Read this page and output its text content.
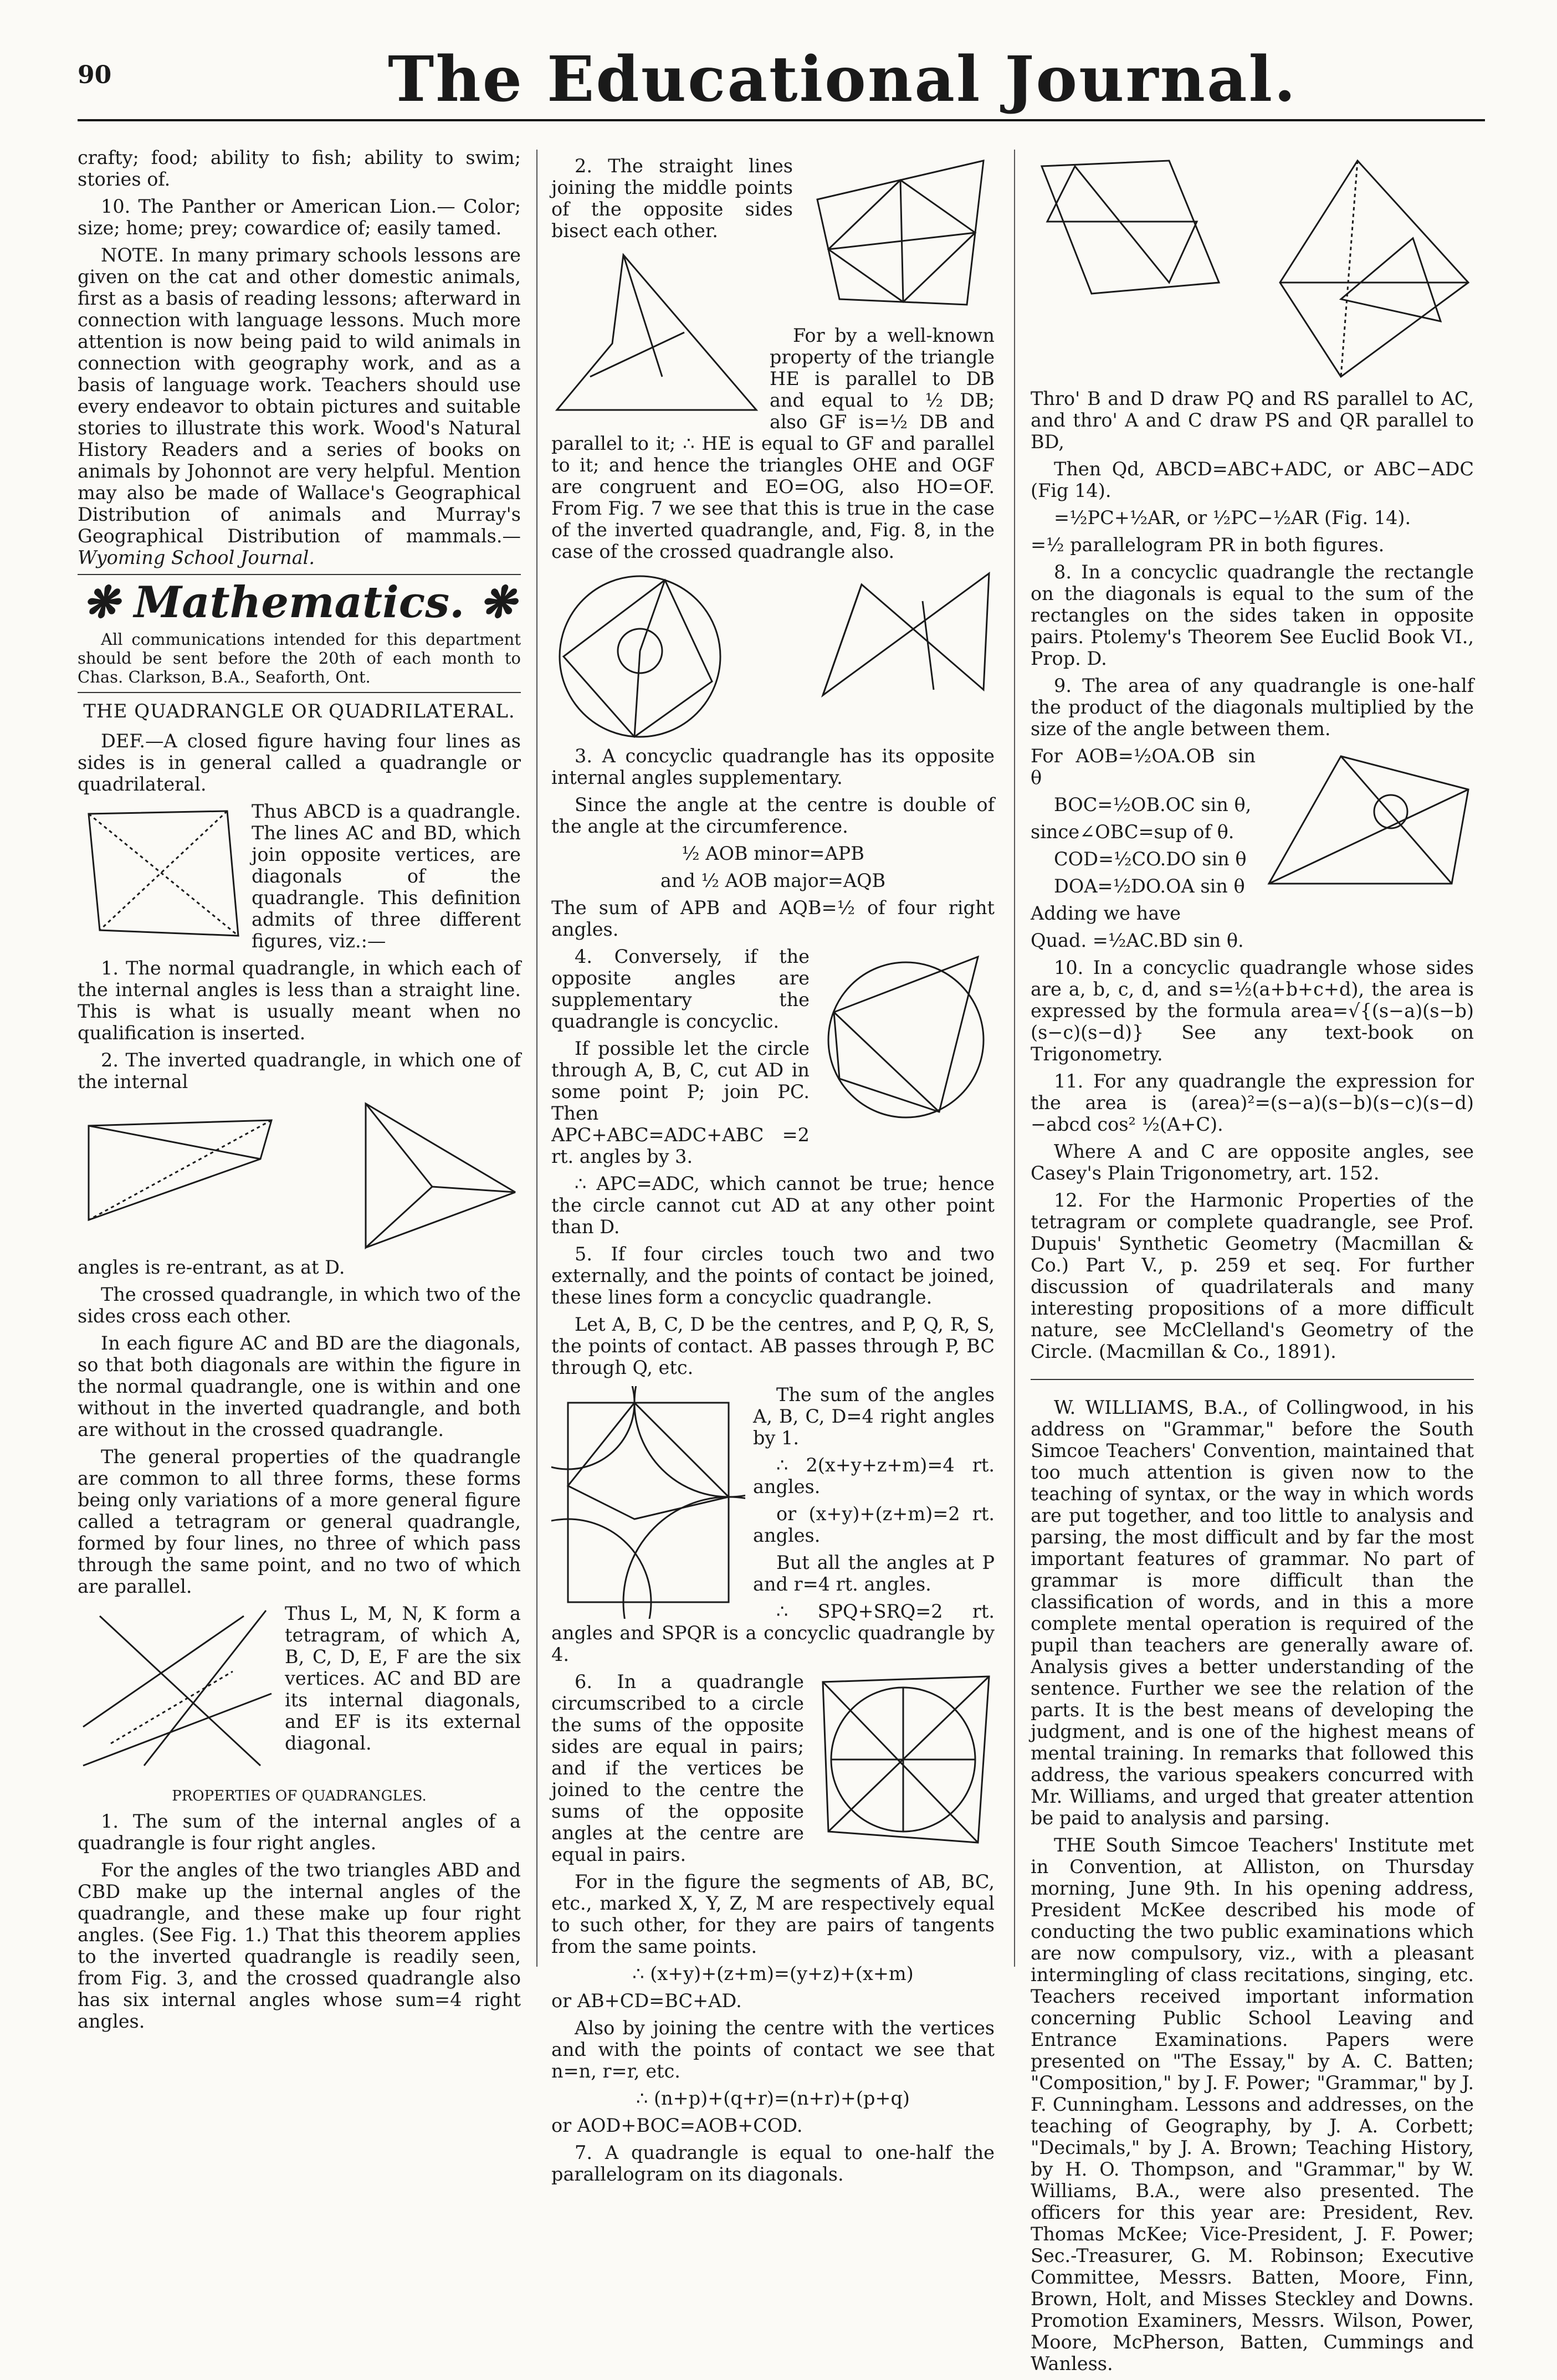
90	The Educational Journal.

crafty; food; ability to fish; ability to swim; stories of.

10. The Panther or American Lion.— Color; size; home; prey; cowardice of; easily tamed.

NOTE. In many primary schools lessons are given on the cat and other domestic animals, first as a basis of reading lessons; afterward in connection with language lessons. Much more attention is now being paid to wild animals in connection with geography work, and as a basis of language work. Teachers should use every endeavor to obtain pictures and suitable stories to illustrate this work. Wood's Natural History Readers and a series of books on animals by Johonnot are very helpful. Mention may also be made of Wallace's Geographical Distribution of animals and Murray's Geographical Distribution of mammals.— Wyoming School Journal.

❋ Mathematics. ❋

All communications intended for this department should be sent before the 20th of each month to Chas. Clarkson, B.A., Seaforth, Ont.

THE QUADRANGLE OR QUADRILATERAL.

DEF.—A closed figure having four lines as sides is in general called a quadrangle or quadrilateral.

Thus ABCD is a quadrangle. The lines AC and BD, which join opposite vertices, are diagonals of the quadrangle. This definition admits of three different figures, viz.:—

1. The normal quadrangle, in which each of the internal angles is less than a straight line. This is what is usually meant when no qualification is inserted.

2. The inverted quadrangle, in which one of the internal

angles is re-entrant, as at D.

The crossed quadrangle, in which two of the sides cross each other.

In each figure AC and BD are the diagonals, so that both diagonals are within the figure in the normal quadrangle, one is within and one without in the inverted quadrangle, and both are without in the crossed quadrangle.

The general properties of the quadrangle are common to all three forms, these forms being only variations of a more general figure called a tetragram or general quadrangle, formed by four lines, no three of which pass through the same point, and no two of which are parallel.

Thus L, M, N, K form a tetragram, of which A, B, C, D, E, F are the six vertices. AC and BD are its internal diagonals, and EF is its external diagonal.

PROPERTIES OF QUADRANGLES.

1. The sum of the internal angles of a quadrangle is four right angles.

For the angles of the two triangles ABD and CBD make up the internal angles of the quadrangle, and these make up four right angles. (See Fig. 1.) That this theorem applies to the inverted quadrangle is readily seen, from Fig. 3, and the crossed quadrangle also has six internal angles whose sum=4 right angles.

2. The straight lines joining the middle points of the opposite sides bisect each other.

For by a well-known property of the triangle HE is parallel to DB and equal to ½ DB; also GF is=½ DB and parallel to it; ∴ HE is equal to GF and parallel to it; and hence the triangles OHE and OGF are congruent and EO=OG, also HO=OF. From Fig. 7 we see that this is true in the case of the inverted quadrangle, and, Fig. 8, in the case of the crossed quadrangle also.

3. A concyclic quadrangle has its opposite internal angles supplementary.

Since the angle at the centre is double of the angle at the circumference.

½ AOB minor=APB

and ½ AOB major=AQB

The sum of APB and AQB=½ of four right angles.

4. Conversely, if the opposite angles are supplementary the quadrangle is concyclic.

If possible let the circle through A, B, C, cut AD in some point P; join PC. Then APC+ABC=ADC+ABC =2 rt. angles by 3.

∴ APC=ADC, which cannot be true; hence the circle cannot cut AD at any other point than D.

5. If four circles touch two and two externally, and the points of contact be joined, these lines form a concyclic quadrangle.

Let A, B, C, D be the centres, and P, Q, R, S, the points of contact. AB passes through P, BC through Q, etc.

The sum of the angles A, B, C, D=4 right angles by 1.

∴ 2(x+y+z+m)=4 rt. angles.

or (x+y)+(z+m)=2 rt. angles.

But all the angles at P and r=4 rt. angles.

∴ SPQ+SRQ=2 rt. angles and SPQR is a concyclic quadrangle by 4.

6. In a quadrangle circumscribed to a circle the sums of the opposite sides are equal in pairs; and if the vertices be joined to the centre the sums of the opposite angles at the centre are equal in pairs.

For in the figure the segments of AB, BC, etc., marked X, Y, Z, M are respectively equal to such other, for they are pairs of tangents from the same points.

∴ (x+y)+(z+m)=(y+z)+(x+m)

or AB+CD=BC+AD.

Also by joining the centre with the vertices and with the points of contact we see that n=n, r=r, etc.

∴ (n+p)+(q+r)=(n+r)+(p+q)

or AOD+BOC=AOB+COD.

7. A quadrangle is equal to one-half the parallelogram on its diagonals.

Thro' B and D draw PQ and RS parallel to AC, and thro' A and C draw PS and QR parallel to BD,

Then Qd, ABCD=ABC+ADC, or ABC−ADC (Fig 14).

=½PC+½AR, or ½PC−½AR (Fig. 14).

=½ parallelogram PR in both figures.

8. In a concyclic quadrangle the rectangle on the diagonals is equal to the sum of the rectangles on the sides taken in opposite pairs. Ptolemy's Theorem See Euclid Book VI., Prop. D.

9. The area of any quadrangle is one-half the product of the diagonals multiplied by the size of the angle between them.

For AOB=½OA.OB sin θ

BOC=½OB.OC sin θ,

since∠OBC=sup of θ.

COD=½CO.DO sin θ

DOA=½DO.OA sin θ

Adding we have

Quad. =½AC.BD sin θ.

10. In a concyclic quadrangle whose sides are a, b, c, d, and s=½(a+b+c+d), the area is expressed by the formula area=√{(s−a)(s−b)(s−c)(s−d)} See any text-book on Trigonometry.

11. For any quadrangle the expression for the area is (area)²=(s−a)(s−b)(s−c)(s−d)−abcd cos² ½(A+C).

Where A and C are opposite angles, see Casey's Plain Trigonometry, art. 152.

12. For the Harmonic Properties of the tetragram or complete quadrangle, see Prof. Dupuis' Synthetic Geometry (Macmillan & Co.) Part V., p. 259 et seq. For further discussion of quadrilaterals and many interesting propositions of a more difficult nature, see McClelland's Geometry of the Circle. (Macmillan & Co., 1891).

W. WILLIAMS, B.A., of Collingwood, in his address on "Grammar," before the South Simcoe Teachers' Convention, maintained that too much attention is given now to the teaching of syntax, or the way in which words are put together, and too little to analysis and parsing, the most difficult and by far the most important features of grammar. No part of grammar is more difficult than the classification of words, and in this a more complete mental operation is required of the pupil than teachers are generally aware of. Analysis gives a better understanding of the sentence. Further we see the relation of the parts. It is the best means of developing the judgment, and is one of the highest means of mental training. In remarks that followed this address, the various speakers concurred with Mr. Williams, and urged that greater attention be paid to analysis and parsing.

THE South Simcoe Teachers' Institute met in Convention, at Alliston, on Thursday morning, June 9th. In his opening address, President McKee described his mode of conducting the two public examinations which are now compulsory, viz., with a pleasant intermingling of class recitations, singing, etc. Teachers received important information concerning Public School Leaving and Entrance Examinations. Papers were presented on "The Essay," by A. C. Batten; "Composition," by J. F. Power; "Grammar," by J. F. Cunningham. Lessons and addresses, on the teaching of Geography, by J. A. Corbett; "Decimals," by J. A. Brown; Teaching History, by H. O. Thompson, and "Grammar," by W. Williams, B.A., were also presented. The officers for this year are: President, Rev. Thomas McKee; Vice-President, J. F. Power; Sec.-Treasurer, G. M. Robinson; Executive Committee, Messrs. Batten, Moore, Finn, Brown, Holt, and Misses Steckley and Downs. Promotion Examiners, Messrs. Wilson, Power, Moore, McPherson, Batten, Cummings and Wanless.
